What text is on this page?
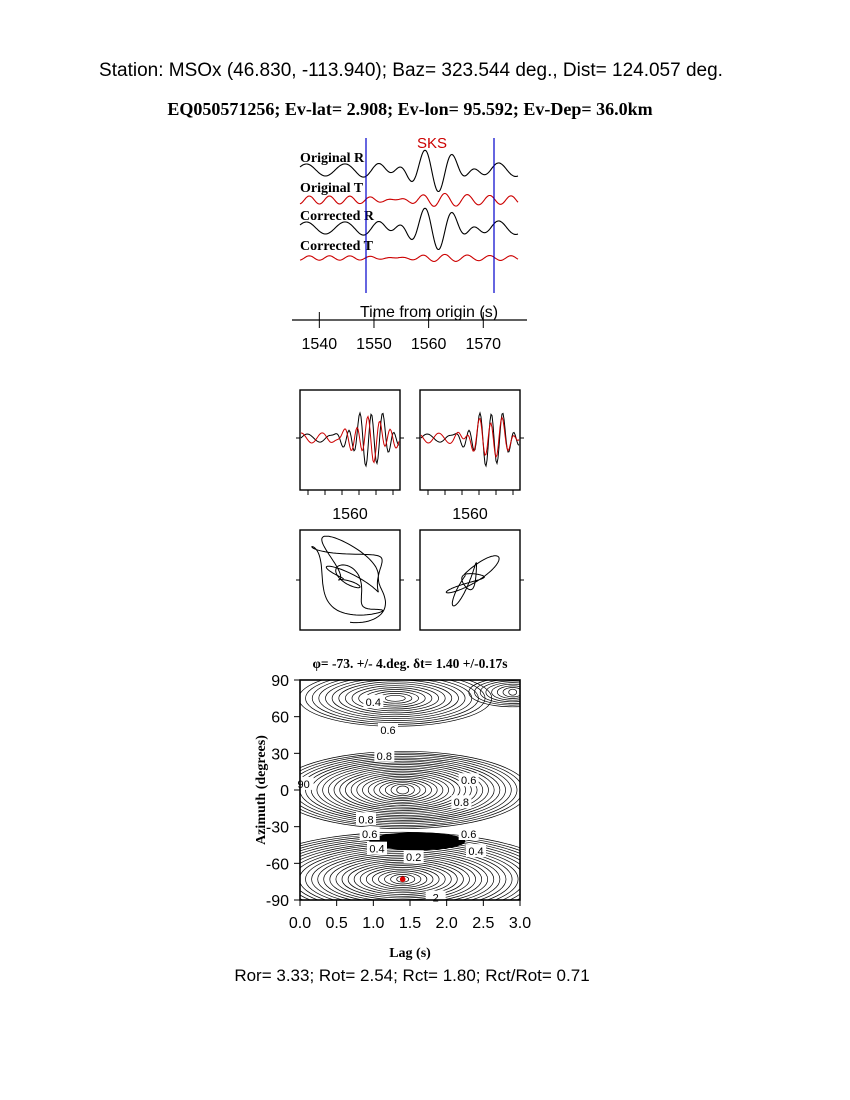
Station: MSOx (46.830, -113.940); Baz= 323.544 deg., Dist= 124.057 deg.
EQ050571256; Ev-lat= 2.908; Ev-lon= 95.592; Ev-Dep= 36.0km
SKS
Original R
Original T
Corrected R
Corrected T
Time from origin (s)
1540 1550 1560 1570
1560	1560
φ= -73. +/- 4.deg. δt= 1.40 +/-0.17s
0.4
0.6
0.8
0.6
0.8
90
0.8
0.6
0.4
0.2
0.6
0.4
2
0.0 0.5 1.0 1.5 2.0 2.5 3.0
90
60
30
0
-30
-60
-90
Lag (s)
Azimuth (degrees)
Ror= 3.33; Rot= 2.54; Rct= 1.80; Rct/Rot= 0.71
